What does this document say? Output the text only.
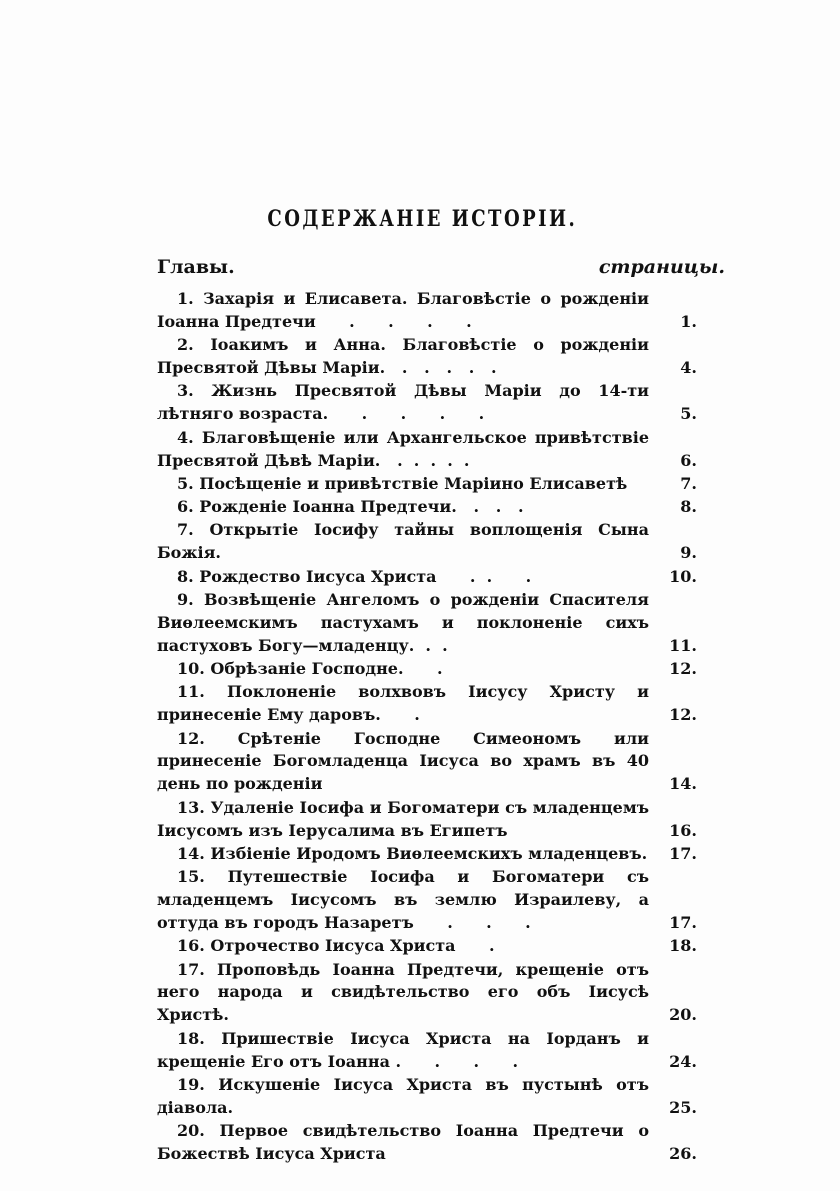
СОДЕРЖАНІЕ ИСТОРІИ.
Главы.	страницы.
1. Захарія и Елисавета. Благовѣстіе о рожденіи Іоанна Предтечи      .      .      .      .	1.
2. Іоакимъ и Анна. Благовѣстіе о рожденіи Пресвятой Дѣвы Маріи.   .   .   .   .   .	4.
3. Жизнь Пресвятой Дѣвы Маріи до 14-ти лѣтняго возраста.      .      .      .      .	5.
4. Благовѣщеніе или Архангельское привѣтствіе Пресвятой Дѣвѣ Маріи.   .  .  .  .  .	6.
5. Посѣщеніе и привѣтствіе Маріино Елисаветѣ	7.
6. Рожденіе Іоанна Предтечи.   .   .   .	8.
7. Открытіе Іосифу тайны воплощенія Сына Божія.	9.
8. Рождество Іисуса Христа      .  .      .	10.
9. Возвѣщеніе Ангеломъ о рожденіи Спасителя Виѳлеемскимъ пастухамъ и поклоненіе сихъ пастуховъ Богу—младенцу.  .  .	11.
10. Обрѣзаніе Господне.      .	12.
11. Поклоненіе волхвовъ Іисусу Христу и принесеніе Ему даровъ.      .	12.
12. Срѣтеніе Господне Симеономъ или принесеніе Богомладенца Іисуса во храмъ въ 40 день по рожденіи	14.
13. Удаленіе Іосифа и Богоматери съ младенцемъ Іисусомъ изъ Іерусалима въ Египетъ	16.
14. Избіеніе Иродомъ Виѳлеемскихъ младенцевъ.	17.
15. Путешествіе Іосифа и Богоматери съ младенцемъ Іисусомъ въ землю Израилеву, а оттуда въ городъ Назаретъ      .      .      .	17.
16. Отрочество Іисуса Христа      .	18.
17. Проповѣдь Іоанна Предтечи, крещеніе отъ него народа и свидѣтельство его объ Іисусѣ Христѣ.	20.
18. Пришествіе Іисуса Христа на Іорданъ и крещеніе Его отъ Іоанна .      .      .      .	24.
19. Искушеніе Іисуса Христа въ пустынѣ отъ діавола.	25.
20. Первое свидѣтельство Іоанна Предтечи о Божествѣ Іисуса Христа	26.
